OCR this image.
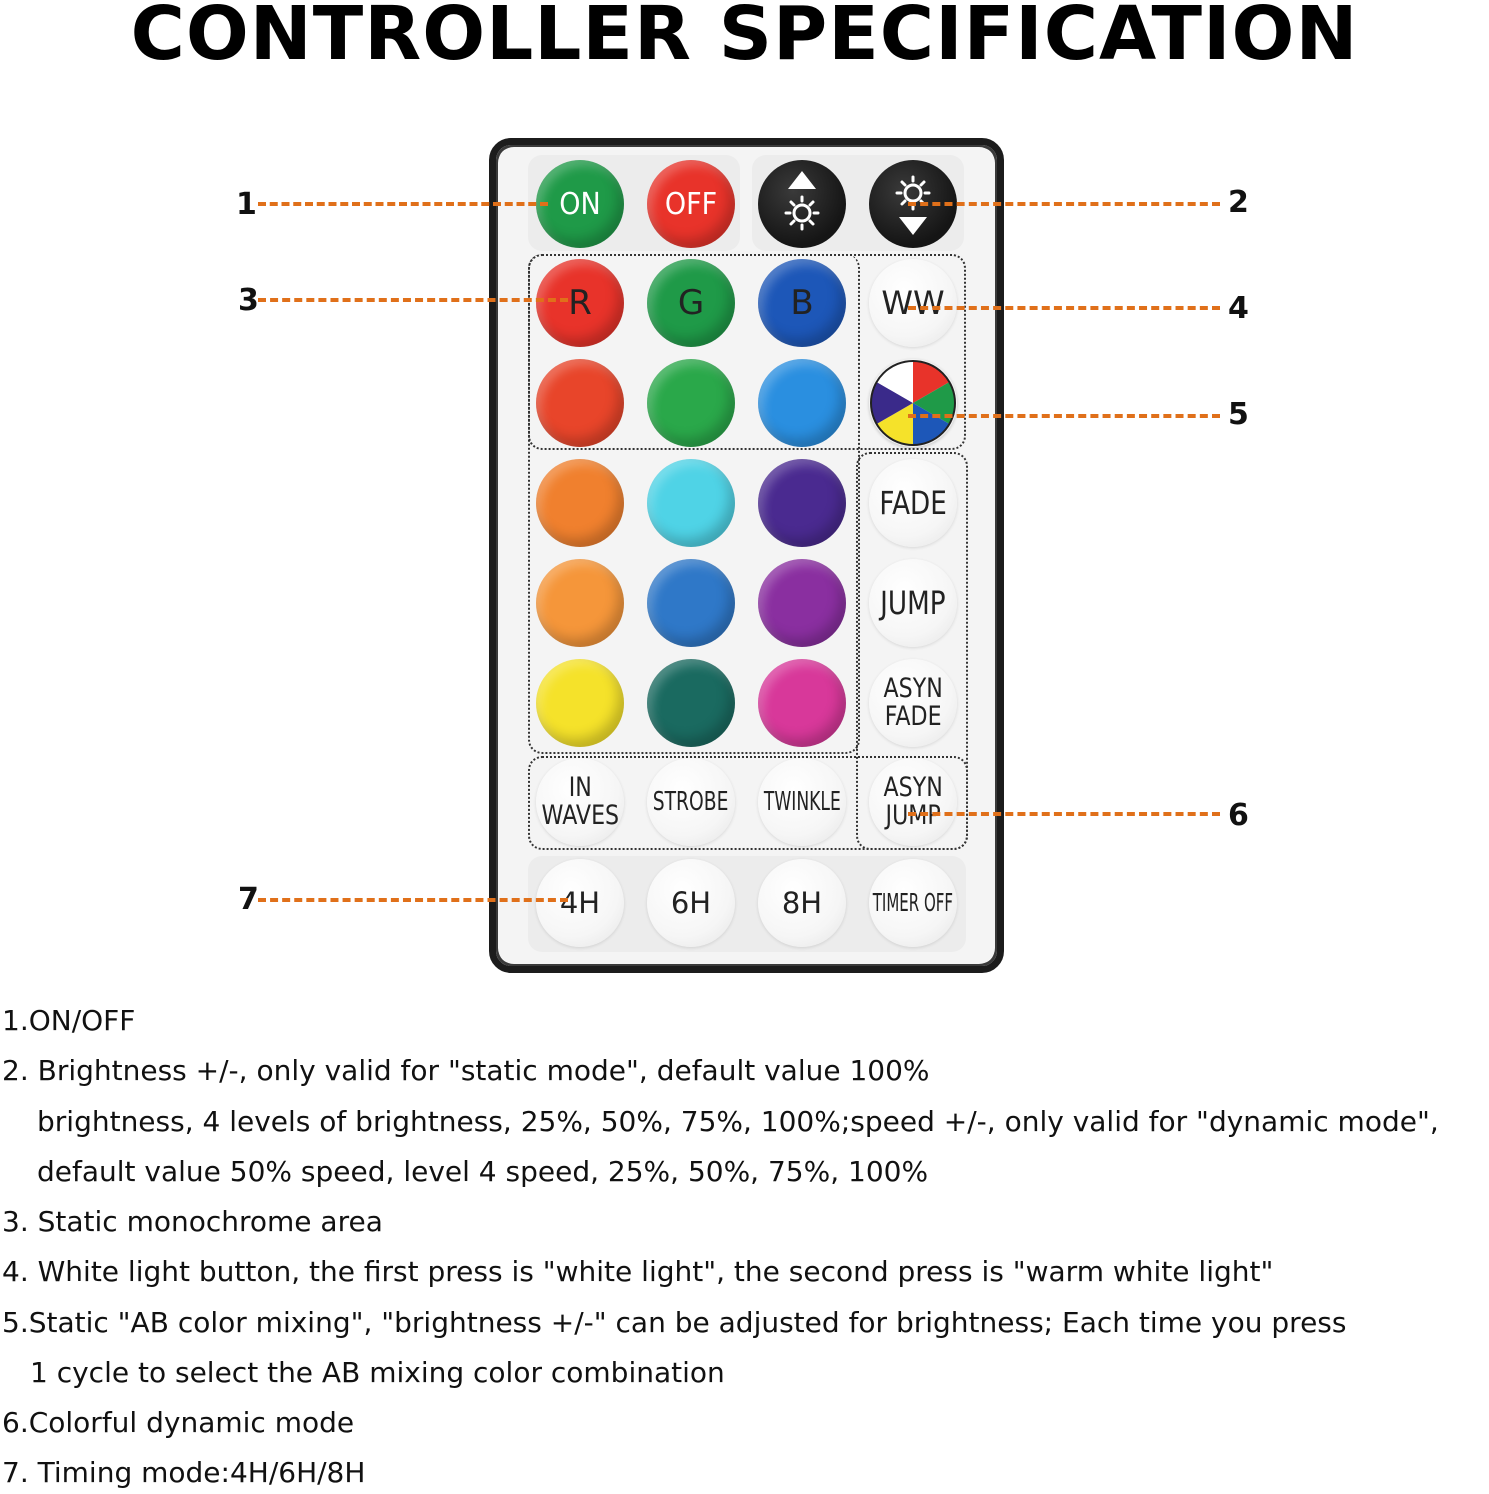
CONTROLLER SPECIFICATION
ON OFF
R	G	B WW
FADE
JUMP
ASYN
FADE
IN
WAVES STROBE TWINKLE ASYN
JUMP
4H 6H 8H TIMER OFF
1	2
3	4
5
6
7
1.ON/OFF
2. Brightness +/-, only valid for "static mode", default value 100%
brightness, 4 levels of brightness, 25%, 50%, 75%, 100%;speed +/-, only valid for "dynamic mode",
default value 50% speed, level 4 speed, 25%, 50%, 75%, 100%
3. Static monochrome area
4. White light button, the first press is "white light", the second press is "warm white light"
5.Static "AB color mixing", "brightness +/-" can be adjusted for brightness; Each time you press
1 cycle to select the AB mixing color combination
6.Colorful dynamic mode
7. Timing mode:4H/6H/8H
